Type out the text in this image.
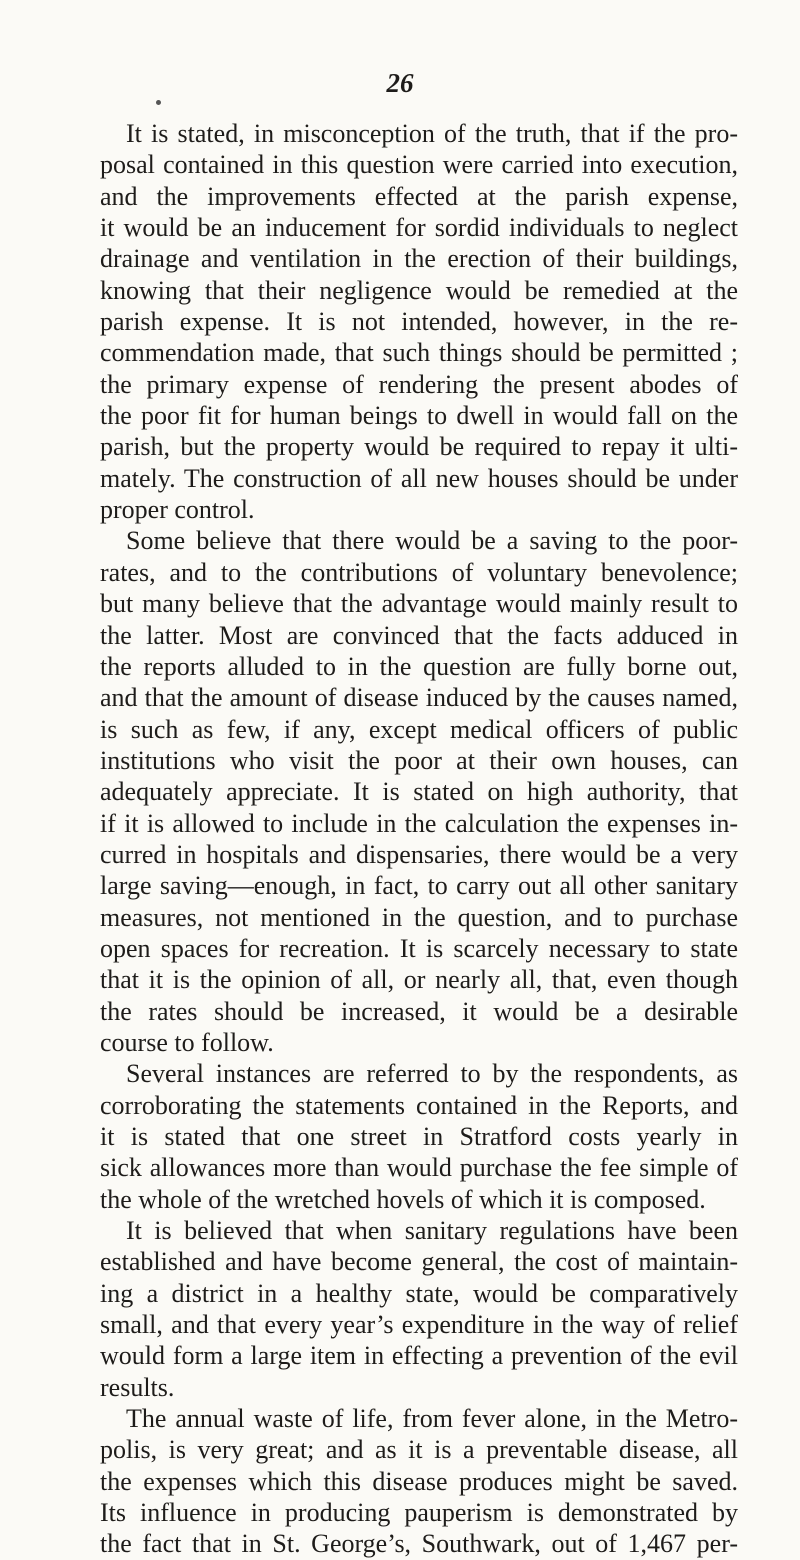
26
It is stated, in misconception of the truth, that if the pro-
posal contained in this question were carried into execution,
and the improvements effected at the parish expense,
it would be an inducement for sordid individuals to neglect
drainage and ventilation in the erection of their buildings,
knowing that their negligence would be remedied at the
parish expense. It is not intended, however, in the re-
commendation made, that such things should be permitted ;
the primary expense of rendering the present abodes of
the poor fit for human beings to dwell in would fall on the
parish, but the property would be required to repay it ulti-
mately. The construction of all new houses should be under
proper control.
Some believe that there would be a saving to the poor-
rates, and to the contributions of voluntary benevolence;
but many believe that the advantage would mainly result to
the latter. Most are convinced that the facts adduced in
the reports alluded to in the question are fully borne out,
and that the amount of disease induced by the causes named,
is such as few, if any, except medical officers of public
institutions who visit the poor at their own houses, can
adequately appreciate. It is stated on high authority, that
if it is allowed to include in the calculation the expenses in-
curred in hospitals and dispensaries, there would be a very
large saving—enough, in fact, to carry out all other sanitary
measures, not mentioned in the question, and to purchase
open spaces for recreation. It is scarcely necessary to state
that it is the opinion of all, or nearly all, that, even though
the rates should be increased, it would be a desirable
course to follow.
Several instances are referred to by the respondents, as
corroborating the statements contained in the Reports, and
it is stated that one street in Stratford costs yearly in
sick allowances more than would purchase the fee simple of
the whole of the wretched hovels of which it is composed.
It is believed that when sanitary regulations have been
established and have become general, the cost of maintain-
ing a district in a healthy state, would be comparatively
small, and that every year’s expenditure in the way of relief
would form a large item in effecting a prevention of the evil
results.
The annual waste of life, from fever alone, in the Metro-
polis, is very great; and as it is a preventable disease, all
the expenses which this disease produces might be saved.
Its influence in producing pauperism is demonstrated by
the fact that in St. George’s, Southwark, out of 1,467 per-
